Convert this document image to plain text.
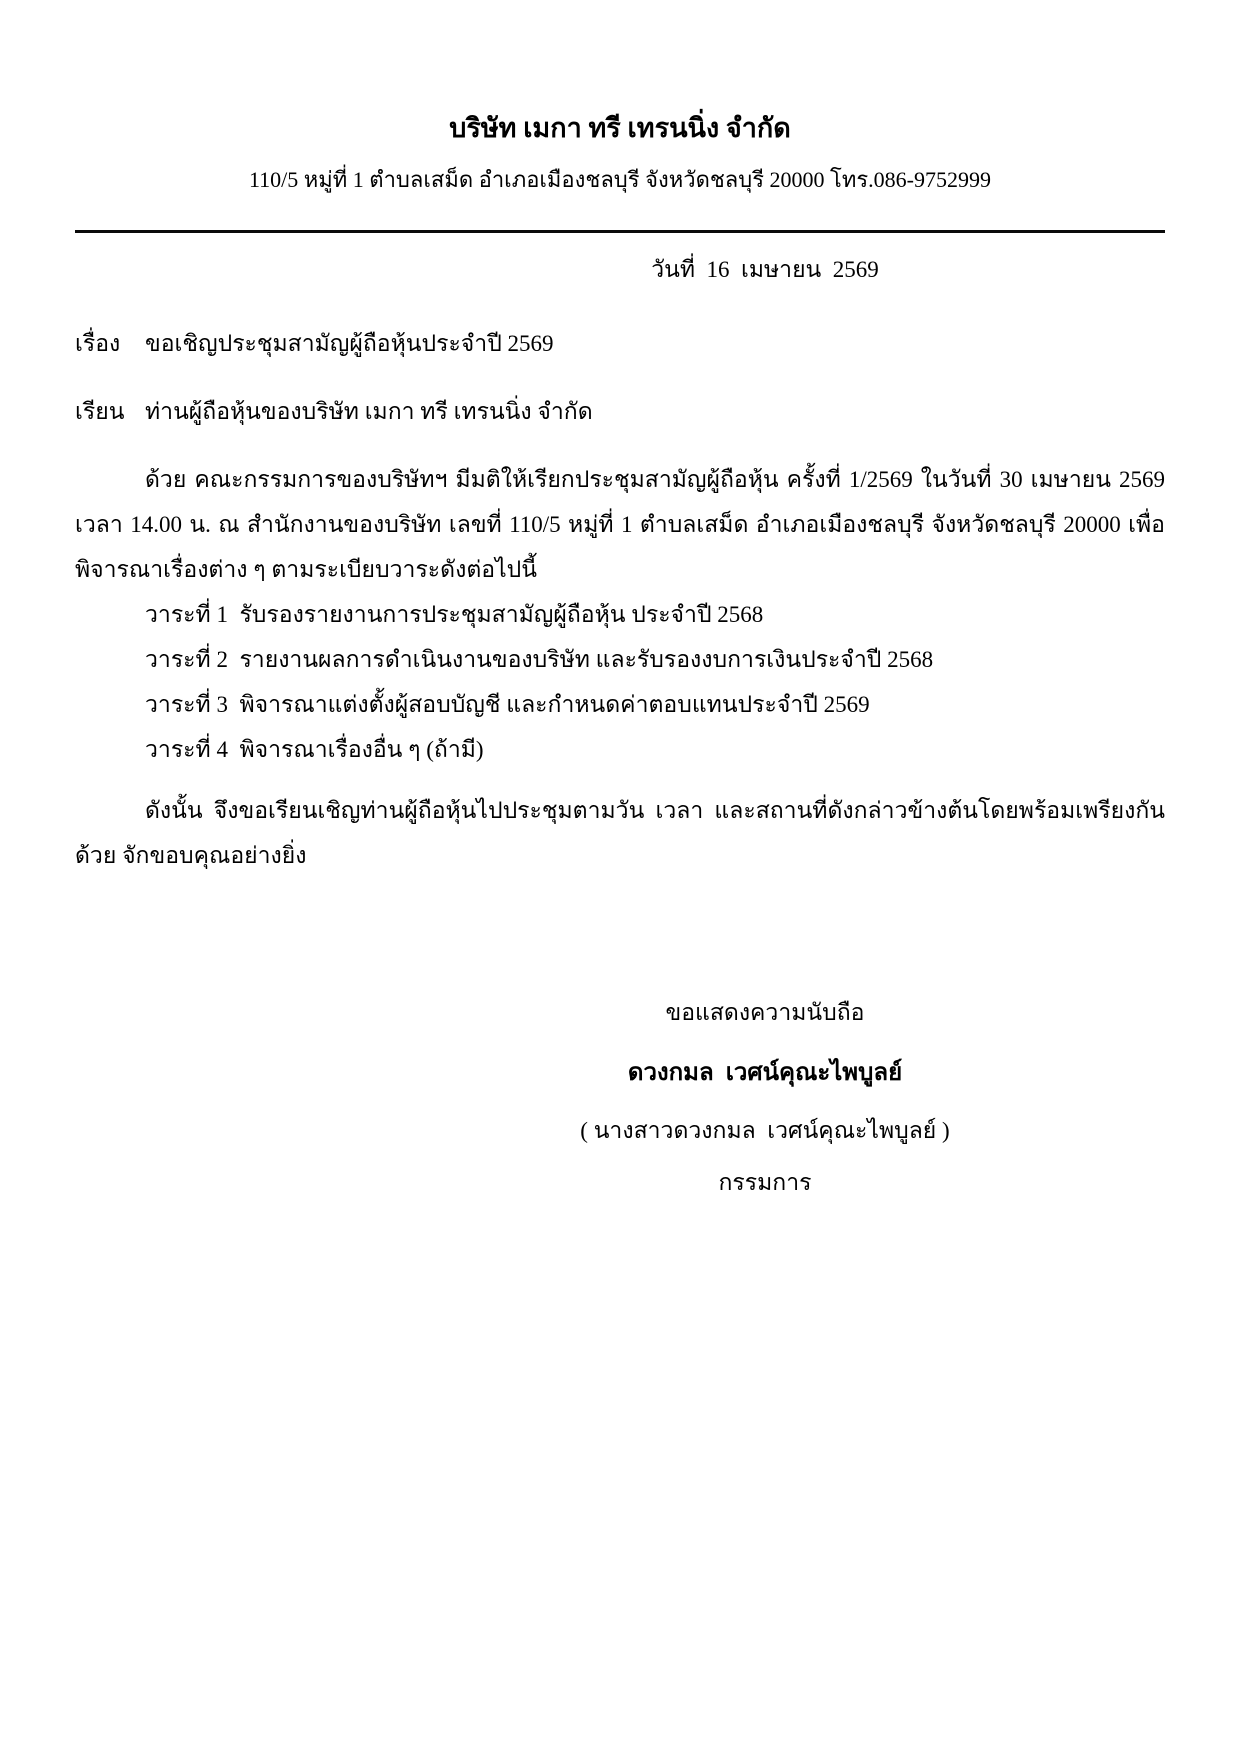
บริษัท เมกา ทรี เทรนนิ่ง จำกัด
110/5 หมู่ที่ 1 ตำบลเสม็ด อำเภอเมืองชลบุรี จังหวัดชลบุรี 20000 โทร.086-9752999
วันที่  16  เมษายน  2569
เรื่อง	ขอเชิญประชุมสามัญผู้ถือหุ้นประจำปี 2569
เรียน ท่านผู้ถือหุ้นของบริษัท เมกา ทรี เทรนนิ่ง จำกัด

ด้วย คณะกรรมการของบริษัทฯ มีมติให้เรียกประชุมสามัญผู้ถือหุ้น ครั้งที่ 1/2569 ในวันที่ 30 เมษายน 2569 เวลา 14.00 น. ณ สำนักงานของบริษัท เลขที่ 110/5 หมู่ที่ 1 ตำบลเสม็ด อำเภอเมืองชลบุรี จังหวัดชลบุรี 20000 เพื่อพิจารณาเรื่องต่าง ๆ ตามระเบียบวาระดังต่อไปนี้

วาระที่ 1  รับรองรายงานการประชุมสามัญผู้ถือหุ้น ประจำปี 2568
วาระที่ 2  รายงานผลการดำเนินงานของบริษัท และรับรองงบการเงินประจำปี 2568
วาระที่ 3  พิจารณาแต่งตั้งผู้สอบบัญชี และกำหนดค่าตอบแทนประจำปี 2569
วาระที่ 4  พิจารณาเรื่องอื่น ๆ (ถ้ามี)

ดังนั้น จึงขอเรียนเชิญท่านผู้ถือหุ้นไปประชุมตามวัน เวลา และสถานที่ดังกล่าวข้างต้นโดยพร้อมเพรียงกันด้วย จักขอบคุณอย่างยิ่ง

ขอแสดงความนับถือ
ดวงกมล  เวศน์คุณะไพบูลย์
( นางสาวดวงกมล  เวศน์คุณะไพบูลย์ )
กรรมการ
